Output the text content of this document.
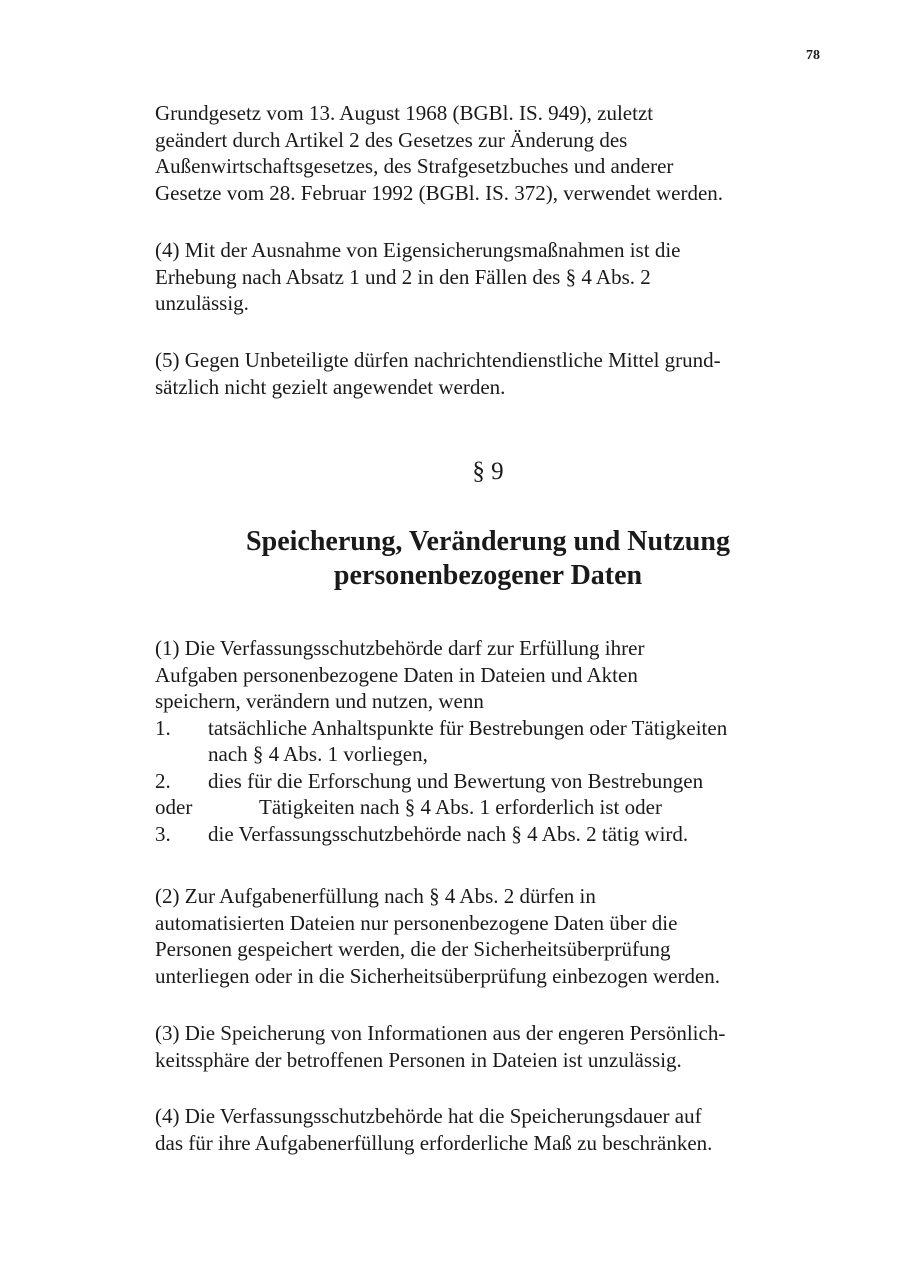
78

Grundgesetz vom 13. August 1968 (BGBl. IS. 949), zuletzt

geändert durch Artikel 2 des Gesetzes zur Änderung des

Außenwirtschaftsgesetzes, des Strafgesetzbuches und anderer

Gesetze vom 28. Februar 1992 (BGBl. IS. 372), verwendet werden.

(4) Mit der Ausnahme von Eigensicherungsmaßnahmen ist die

Erhebung nach Absatz 1 und 2 in den Fällen des § 4 Abs. 2

unzulässig.

(5) Gegen Unbeteiligte dürfen nachrichtendienstliche Mittel grund-

sätzlich nicht gezielt angewendet werden.

§ 9
Speicherung, Veränderung und Nutzung
personenbezogener Daten

(1) Die Verfassungsschutzbehörde darf zur Erfüllung ihrer

Aufgaben personenbezogene Daten in Dateien und Akten

speichern, verändern und nutzen, wenn

1.	tatsächliche Anhaltspunkte für Bestrebungen oder Tätigkeiten

nach § 4 Abs. 1 vorliegen,

2.	dies für die Erforschung und Bewertung von Bestrebungen

oder	Tätigkeiten nach § 4 Abs. 1 erforderlich ist oder
3.	die Verfassungsschutzbehörde nach § 4 Abs. 2 tätig wird.

(2) Zur Aufgabenerfüllung nach § 4 Abs. 2 dürfen in

automatisierten Dateien nur personenbezogene Daten über die

Personen gespeichert werden, die der Sicherheitsüberprüfung

unterliegen oder in die Sicherheitsüberprüfung einbezogen werden.

(3) Die Speicherung von Informationen aus der engeren Persönlich-

keitssphäre der betroffenen Personen in Dateien ist unzulässig.

(4) Die Verfassungsschutzbehörde hat die Speicherungsdauer auf

das für ihre Aufgabenerfüllung erforderliche Maß zu beschränken.
